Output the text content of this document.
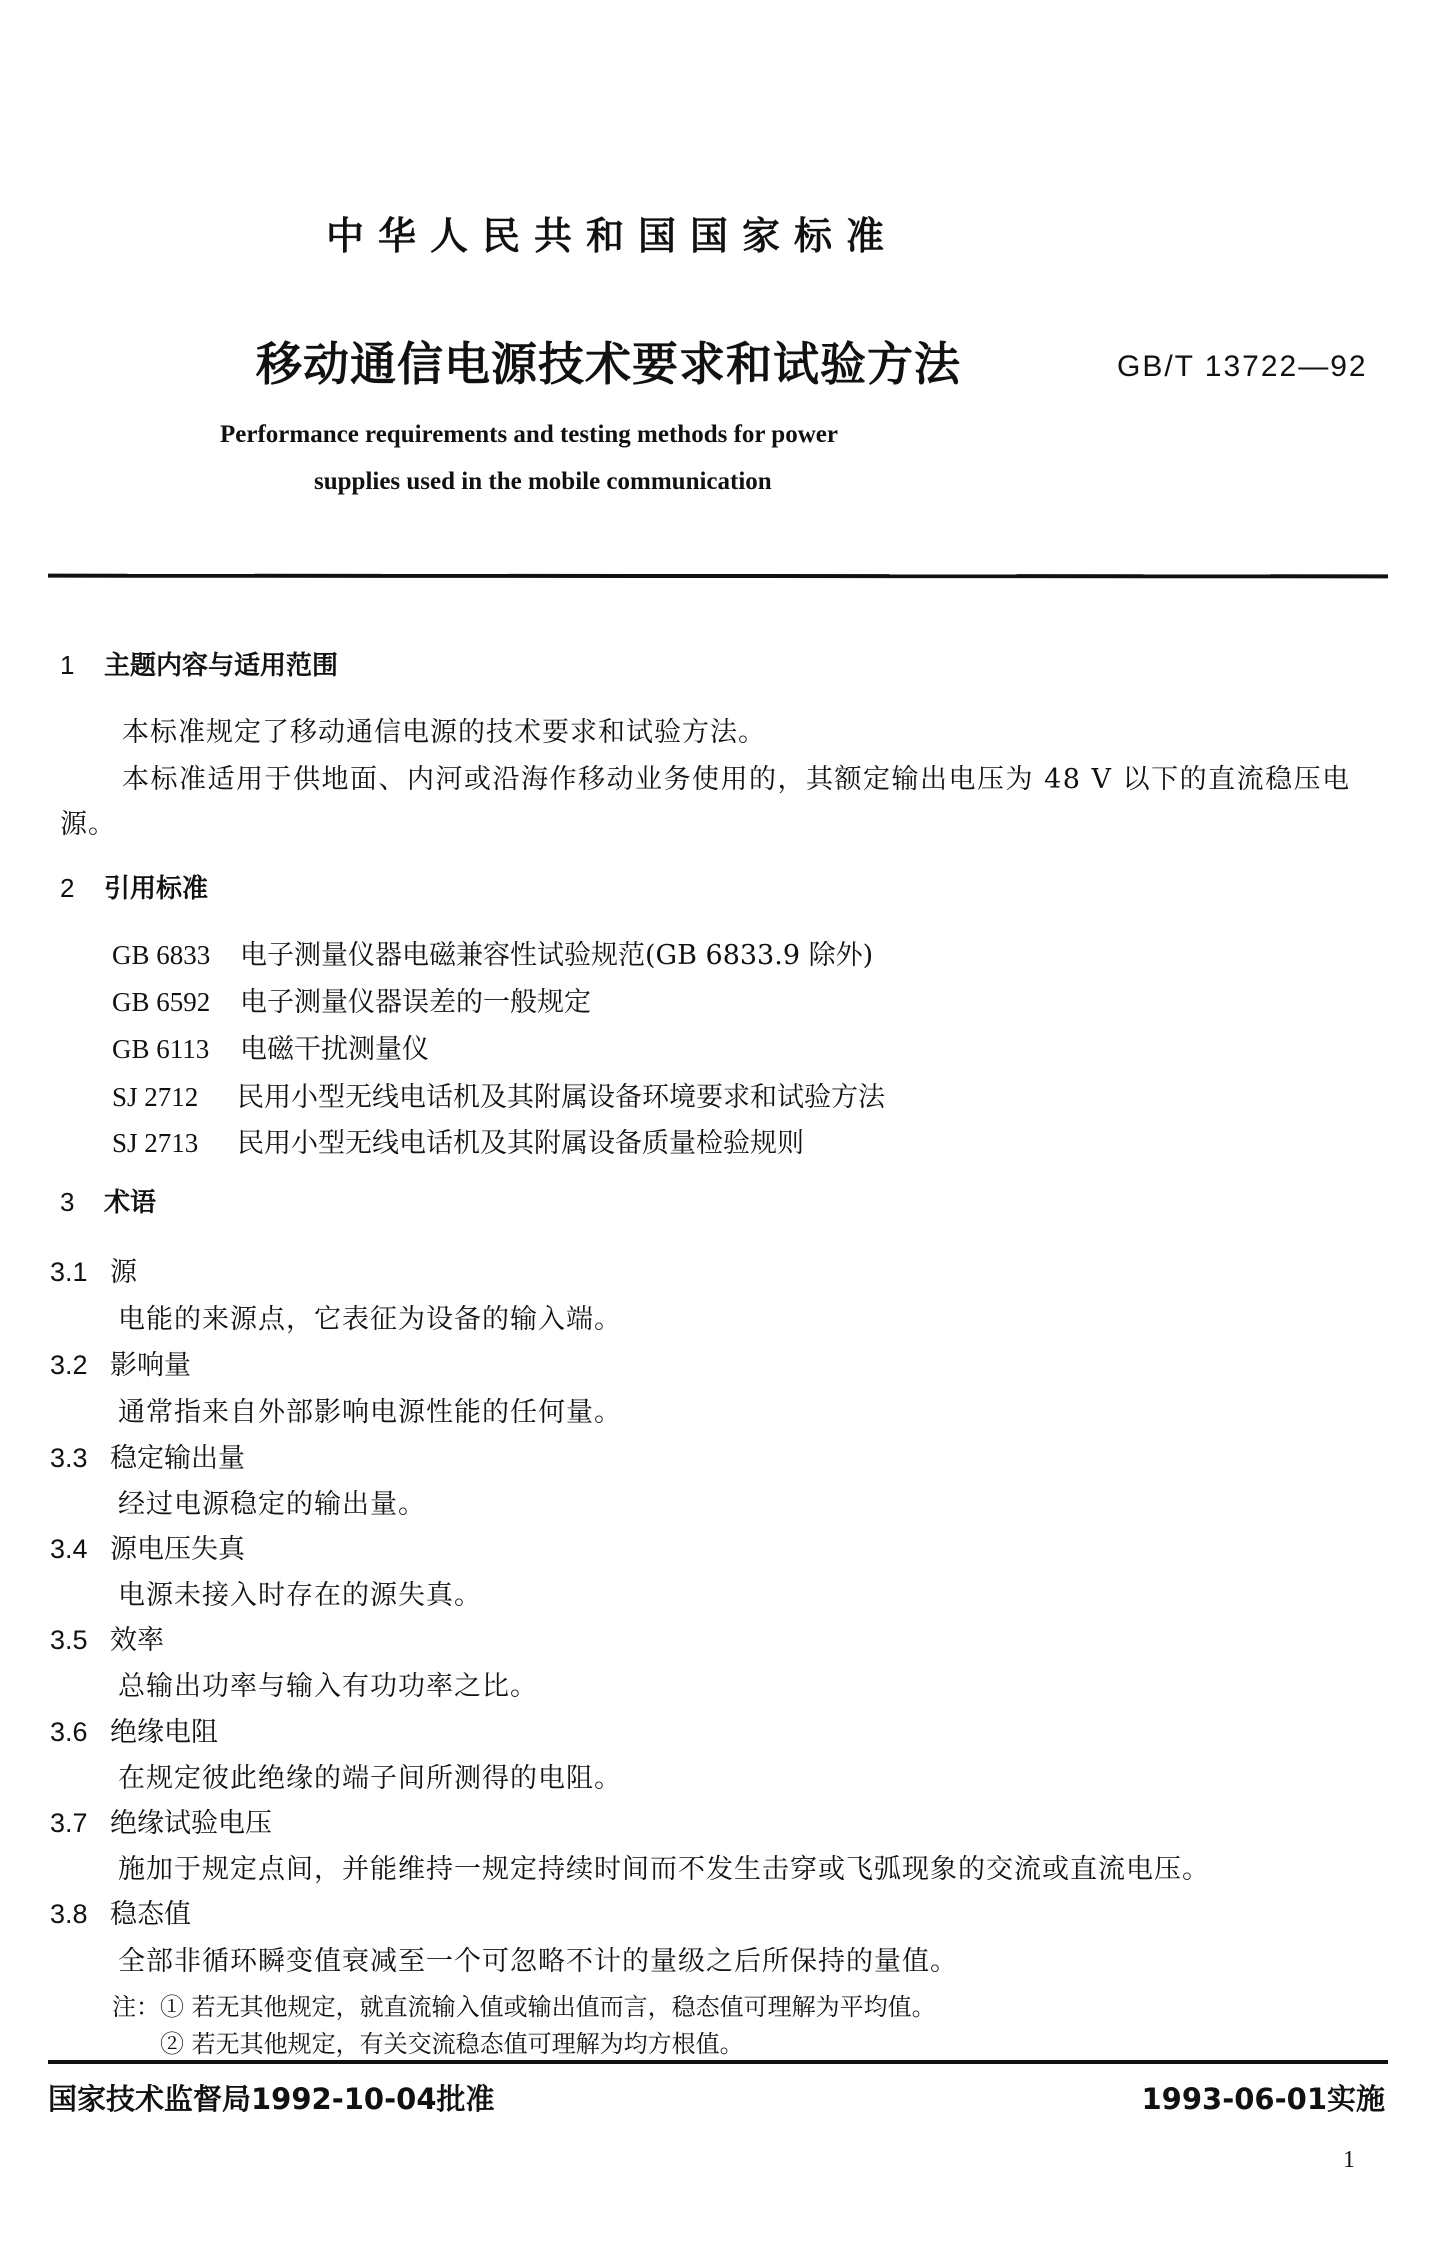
中华人民共和国国家标准
移动通信电源技术要求和试验方法	GB/T 13722—92
Performance requirements and testing methods for power
supplies used in the mobile communication
1 主题内容与适用范围
本标准规定了移动通信电源的技术要求和试验方法。
本标准适用于供地面、内河或沿海作移动业务使用的，其额定输出电压为 48 V 以下的直流稳压电
源。
2 引用标准
GB 6833 电子测量仪器电磁兼容性试验规范(GB 6833.9 除外)
GB 6592 电子测量仪器误差的一般规定
GB 6113 电磁干扰测量仪
SJ 2712 民用小型无线电话机及其附属设备环境要求和试验方法
SJ 2713 民用小型无线电话机及其附属设备质量检验规则
3 术语
3.1 源
电能的来源点，它表征为设备的输入端。
3.2 影响量
通常指来自外部影响电源性能的任何量。
3.3 稳定输出量
经过电源稳定的输出量。
3.4 源电压失真
电源未接入时存在的源失真。
3.5 效率
总输出功率与输入有功功率之比。
3.6 绝缘电阻
在规定彼此绝缘的端子间所测得的电阻。
3.7 绝缘试验电压
施加于规定点间，并能维持一规定持续时间而不发生击穿或飞弧现象的交流或直流电压。
3.8 稳态值
全部非循环瞬变值衰减至一个可忽略不计的量级之后所保持的量值。
注：① 若无其他规定，就直流输入值或输出值而言，稳态值可理解为平均值。
② 若无其他规定，有关交流稳态值可理解为均方根值。
国家技术监督局1992-10-04批准	1993-06-01实施
1
